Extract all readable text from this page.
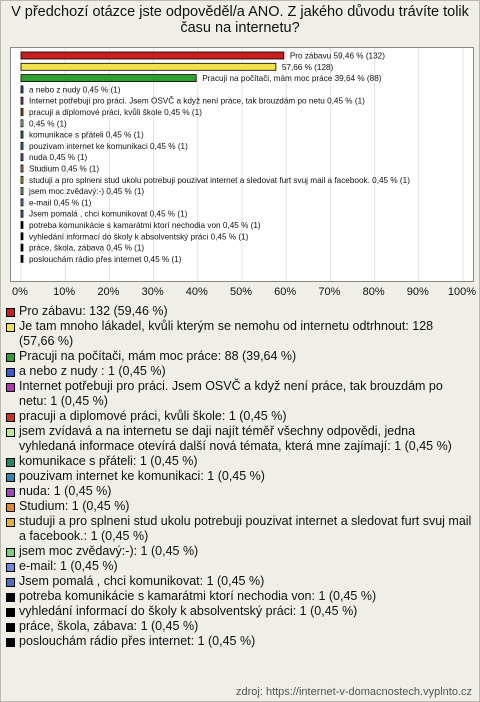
V předchozí otázce jste odpověděl/a ANO. Z jakého důvodu trávíte tolik času na internetu?
Pro zábavu 59,46 % (132)
57,66 % (128)
Pracuji na počítači, mám moc práce 39,64 % (88)
a nebo z nudy 0,45 % (1)
Internet potřebuji pro práci. Jsem OSVČ a když není práce, tak brouzdám po netu 0,45 % (1)
pracuji a diplomové práci, kvůli škole 0,45 % (1)
0,45 % (1)
komunikace s přáteli 0,45 % (1)
pouzivam internet ke komunikaci 0,45 % (1)
nuda 0,45 % (1)
Studium 0,45 % (1)
studuji a pro splneni stud ukolu potrebuji pouzivat internet a sledovat furt svuj mail a facebook. 0,45 % (1)
jsem moc zvědavý:-) 0,45 % (1)
e-mail 0,45 % (1)
Jsem pomalá , chci komunikovat 0,45 % (1)
potreba komunikácie s kamarátmi ktorí nechodia von 0,45 % (1)
vyhledání informací do školy k absolventský práci 0,45 % (1)
práce, škola, zábava 0,45 % (1)
poslouchám rádio přes internet 0,45 % (1)
0% 10% 20% 30% 40% 50% 60% 70% 80% 90% 100%
Pro zábavu: 132 (59,46 %)
Je tam mnoho lákadel, kvůli kterým se nemohu od internetu odtrhnout: 128 (57,66 %)
Pracuji na počítači, mám moc práce: 88 (39,64 %)
a nebo z nudy : 1 (0,45 %)
Internet potřebuji pro práci. Jsem OSVČ a když není práce, tak brouzdám po netu: 1 (0,45 %)
pracuji a diplomové práci, kvůli škole: 1 (0,45 %)
jsem zvídavá a na internetu se daji najít téměř všechny odpovědi, jedna vyhledaná informace otevírá další nová témata, která mne zajímají: 1 (0,45 %)
komunikace s přáteli: 1 (0,45 %)
pouzivam internet ke komunikaci: 1 (0,45 %)
nuda: 1 (0,45 %)
Studium: 1 (0,45 %)
studuji a pro splneni stud ukolu potrebuji pouzivat internet a sledovat furt svuj mail a facebook.: 1 (0,45 %)
jsem moc zvědavý:-): 1 (0,45 %)
e-mail: 1 (0,45 %)
Jsem pomalá , chci komunikovat: 1 (0,45 %)
potreba komunikácie s kamarátmi ktorí nechodia von: 1 (0,45 %)
vyhledání informací do školy k absolventský práci: 1 (0,45 %)
práce, škola, zábava: 1 (0,45 %)
poslouchám rádio přes internet: 1 (0,45 %)
zdroj: https://internet-v-domacnostech.vyplnto.cz
